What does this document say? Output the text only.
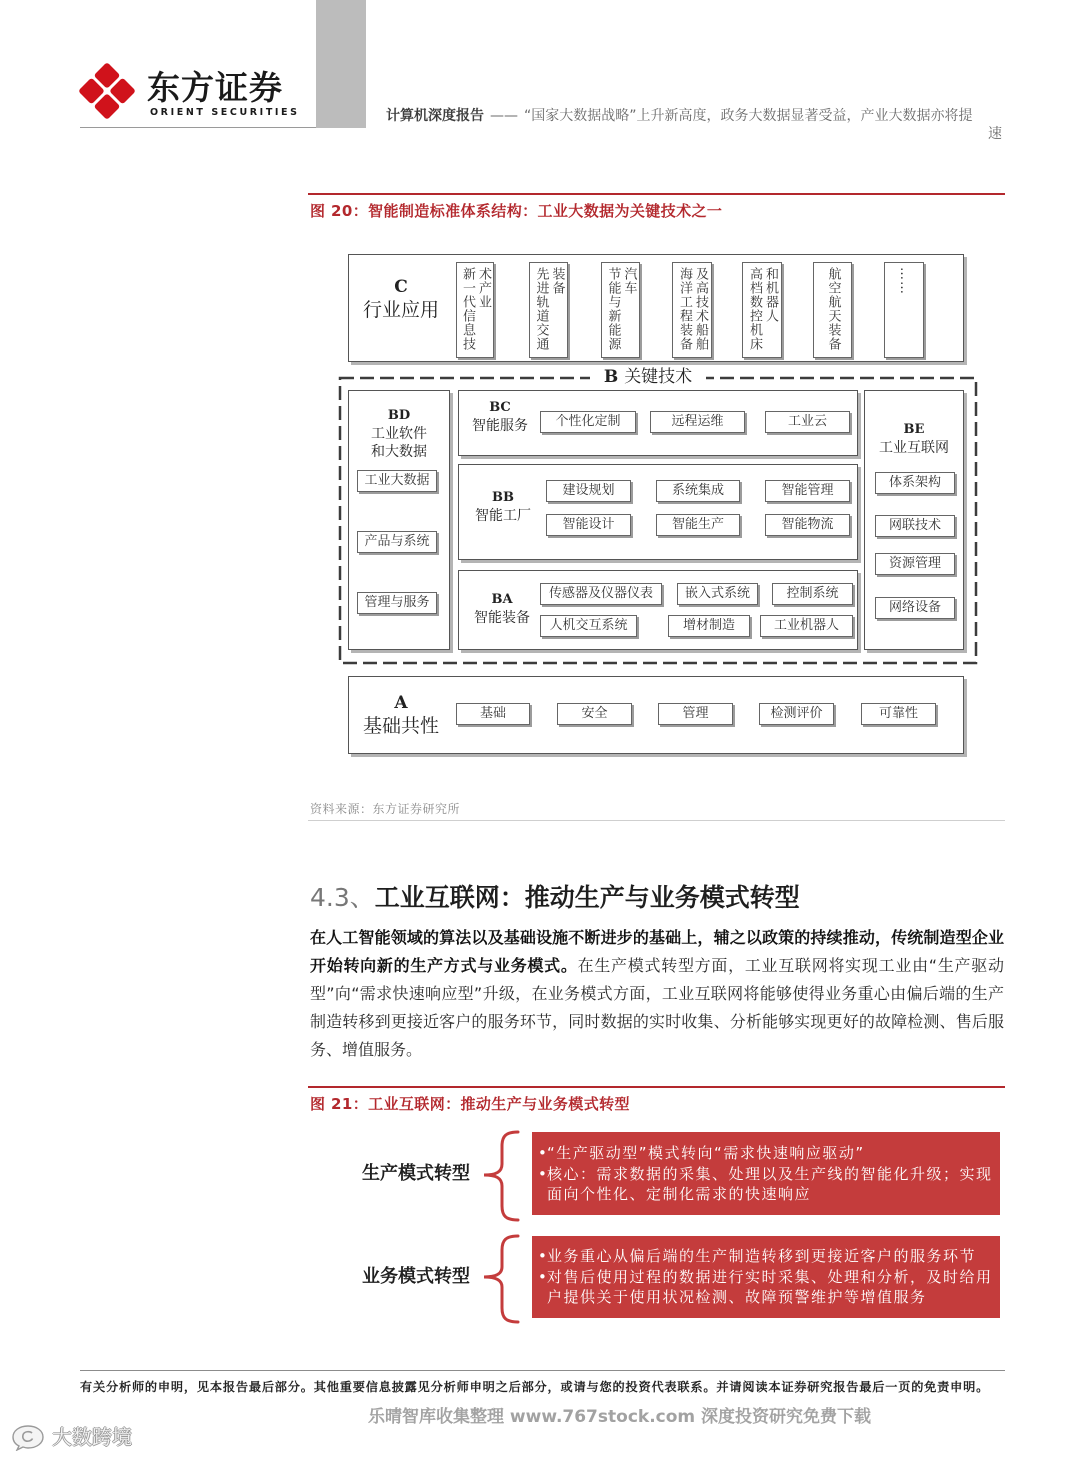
东方证券
ORIENT SECURITIES	计算机深度报告 —— “国家大数据战略”上升新高度，政务大数据显著受益，产业大数据亦将提
速
图 20：智能制造标准体系结构：工业大数据为关键技术之一
C
行业应用	新一代信息技术产业	先进轨道交通装备	节能与新能源汽车	海洋工程装备及高技术船舶	高档数控机床和机器人	航空航天装备	……
B 关键技术
BD
工业软件和大数据
工业大数据
产品与系统
管理与服务
BC
智能服务	个性化定制	远程运维	工业云
BB
智能工厂
建设规划	系统集成	智能管理
智能设计	智能生产	智能物流
BA
智能装备
传感器及仪器仪表	嵌入式系统	控制系统
人机交互系统	增材制造	工业机器人
BE
工业互联网
体系架构
网联技术
资源管理
网络设备
A
基础共性
基础	安全	管理	检测评价	可靠性
资料来源：东方证券研究所
4.3、工业互联网：推动生产与业务模式转型

在人工智能领域的算法以及基础设施不断进步的基础上，辅之以政策的持续推动，传统制造型企业开始转向新的生产方式与业务模式。在生产模式转型方面，工业互联网将实现工业由“生产驱动型”向“需求快速响应型”升级，在业务模式方面，工业互联网将能够使得业务重心由偏后端的生产制造转移到更接近客户的服务环节，同时数据的实时收集、分析能够实现更好的故障检测、售后服务、增值服务。

图 21：工业互联网：推动生产与业务模式转型
生产模式转型
• “生产驱动型”模式转向“需求快速响应驱动”
• 核心：需求数据的采集、处理以及生产线的智能化升级；实现面向个性化、定制化需求的快速响应
业务模式转型
• 业务重心从偏后端的生产制造转移到更接近客户的服务环节
• 对售后使用过程的数据进行实时采集、处理和分析，及时给用户提供关于使用状况检测、故障预警维护等增值服务
有关分析师的申明，见本报告最后部分。其他重要信息披露见分析师申明之后部分，或请与您的投资代表联系。并请阅读本证券研究报告最后一页的免责申明。
乐晴智库收集整理 www.767stock.com 深度投资研究免费下载
大数跨境
